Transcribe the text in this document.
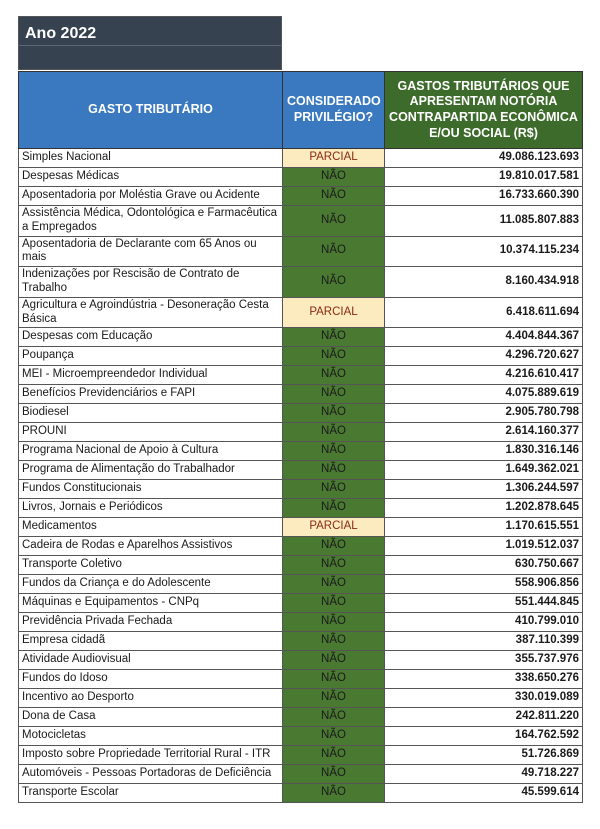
Ano 2022
GASTO TRIBUTÁRIO	CONSIDERADO PRIVILÉGIO?	GASTOS TRIBUTÁRIOS QUE APRESENTAM NOTÓRIA CONTRAPARTIDA ECONÔMICA E/OU SOCIAL (R$)
Simples Nacional	PARCIAL	49.086.123.693
Despesas Médicas	NÃO	19.810.017.581
Aposentadoria por Moléstia Grave ou Acidente	NÃO	16.733.660.390
Assistência Médica, Odontológica e Farmacêutica a Empregados	NÃO	11.085.807.883
Aposentadoria de Declarante com 65 Anos ou mais	NÃO	10.374.115.234
Indenizações por Rescisão de Contrato de Trabalho	NÃO	8.160.434.918
Agricultura e Agroindústria - Desoneração Cesta Básica	PARCIAL	6.418.611.694
Despesas com Educação	NÃO	4.404.844.367
Poupança	NÃO	4.296.720.627
MEI - Microempreendedor Individual	NÃO	4.216.610.417
Benefícios Previdenciários e FAPI	NÃO	4.075.889.619
Biodiesel	NÃO	2.905.780.798
PROUNI	NÃO	2.614.160.377
Programa Nacional de Apoio à Cultura	NÃO	1.830.316.146
Programa de Alimentação do Trabalhador	NÃO	1.649.362.021
Fundos Constitucionais	NÃO	1.306.244.597
Livros, Jornais e Periódicos	NÃO	1.202.878.645
Medicamentos	PARCIAL	1.170.615.551
Cadeira de Rodas e Aparelhos Assistivos	NÃO	1.019.512.037
Transporte Coletivo	NÃO	630.750.667
Fundos da Criança e do Adolescente	NÃO	558.906.856
Máquinas e Equipamentos - CNPq	NÃO	551.444.845
Previdência Privada Fechada	NÃO	410.799.010
Empresa cidadã	NÃO	387.110.399
Atividade Audiovisual	NÃO	355.737.976
Fundos do Idoso	NÃO	338.650.276
Incentivo ao Desporto	NÃO	330.019.089
Dona de Casa	NÃO	242.811.220
Motocicletas	NÃO	164.762.592
Imposto sobre Propriedade Territorial Rural - ITR	NÃO	51.726.869
Automóveis - Pessoas Portadoras de Deficiência	NÃO	49.718.227
Transporte Escolar	NÃO	45.599.614
